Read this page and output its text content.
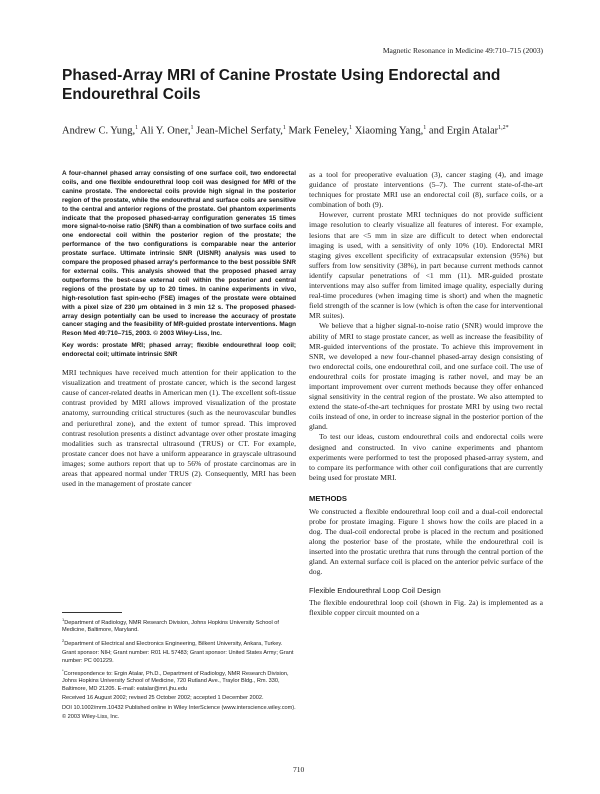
Magnetic Resonance in Medicine 49:710–715 (2003)
Phased-Array MRI of Canine Prostate Using Endorectal and Endourethral Coils
Andrew C. Yung,$^1$ Ali Y. Oner,$^1$ Jean-Michel Serfaty,$^1$ Mark Feneley,$^1$ Xiaoming Yang,$^1$ and Ergin Atalar$^{1,2*}$

A four-channel phased array consisting of one surface coil, two endorectal coils, and one flexible endourethral loop coil was designed for MRI of the canine prostate. The endorectal coils provide high signal in the posterior region of the prostate, while the endourethral and surface coils are sensitive to the central and anterior regions of the prostate. Gel phantom experiments indicate that the proposed phased-array configuration generates 15 times more signal-to-noise ratio (SNR) than a combination of two surface coils and one endorectal coil within the posterior region of the prostate; the performance of the two configurations is comparable near the anterior prostate surface. Ultimate intrinsic SNR (UISNR) analysis was used to compare the proposed phased array's performance to the best possible SNR for external coils. This analysis showed that the proposed phased array outperforms the best-case external coil within the posterior and central regions of the prostate by up to 20 times. In canine experiments in vivo, high-resolution fast spin-echo (FSE) images of the prostate were obtained with a pixel size of 230 μm obtained in 3 min 12 s. The proposed phased-array design potentially can be used to increase the accuracy of prostate cancer staging and the feasibility of MR-guided prostate interventions. Magn Reson Med 49:710–715, 2003. © 2003 Wiley-Liss, Inc.

Key words: prostate MRI; phased array; flexible endourethral loop coil; endorectal coil; ultimate intrinsic SNR

MRI techniques have received much attention for their application to the visualization and treatment of prostate cancer, which is the second largest cause of cancer-related deaths in American men (1). The excellent soft-tissue contrast provided by MRI allows improved visualization of the prostate anatomy, surrounding critical structures (such as the neurovascular bundles and periurethral zone), and the extent of tumor spread. This improved contrast resolution presents a distinct advantage over other prostate imaging modalities such as transrectal ultrasound (TRUS) or CT. For example, prostate cancer does not have a uniform appearance in grayscale ultrasound images; some authors report that up to 56% of prostate carcinomas are in areas that appeared normal under TRUS (2). Consequently, MRI has been used in the management of prostate cancer

$^1$Department of Radiology, NMR Research Division, Johns Hopkins University School of Medicine, Baltimore, Maryland.
$^2$Department of Electrical and Electronics Engineering, Bilkent University, Ankara, Turkey.
Grant sponsor: NIH; Grant number: R01 HL 57483; Grant sponsor: United States Army; Grant number: PC 001229.
*Correspondence to: Ergin Atalar, Ph.D., Department of Radiology, NMR Research Division, Johns Hopkins University School of Medicine, 720 Rutland Ave., Traylor Bldg., Rm. 330, Baltimore, MD 21205. E-mail: eatalar@mri.jhu.edu
Received 16 August 2002; revised 25 October 2002; accepted 1 December 2002.
DOI 10.1002/mrm.10432 Published online in Wiley InterScience (www.interscience.wiley.com).
© 2003 Wiley-Liss, Inc.

as a tool for preoperative evaluation (3), cancer staging (4), and image guidance of prostate interventions (5–7). The current state-of-the-art techniques for prostate MRI use an endorectal coil (8), surface coils, or a combination of both (9).

However, current prostate MRI techniques do not provide sufficient image resolution to clearly visualize all features of interest. For example, lesions that are <5 mm in size are difficult to detect when endorectal imaging is used, with a sensitivity of only 10% (10). Endorectal MRI staging gives excellent specificity of extracapsular extension (95%) but suffers from low sensitivity (38%), in part because current methods cannot identify capsular penetrations of <1 mm (11). MR-guided prostate interventions may also suffer from limited image quality, especially during real-time procedures (when imaging time is short) and when the magnetic field strength of the scanner is low (which is often the case for interventional MR suites).

We believe that a higher signal-to-noise ratio (SNR) would improve the ability of MRI to stage prostate cancer, as well as increase the feasibility of MR-guided interventions of the prostate. To achieve this improvement in SNR, we developed a new four-channel phased-array design consisting of two endorectal coils, one endourethral coil, and one surface coil. The use of endourethral coils for prostate imaging is rather novel, and may be an important improvement over current methods because they offer enhanced signal sensitivity in the central region of the prostate. We also attempted to extend the state-of-the-art techniques for prostate MRI by using two rectal coils instead of one, in order to increase signal in the posterior portion of the gland.

To test our ideas, custom endourethral coils and endorectal coils were designed and constructed. In vivo canine experiments and phantom experiments were performed to test the proposed phased-array system, and to compare its performance with other coil configurations that are currently being used for prostate MRI.

METHODS

We constructed a flexible endourethral loop coil and a dual-coil endorectal probe for prostate imaging. Figure 1 shows how the coils are placed in a dog. The dual-coil endorectal probe is placed in the rectum and positioned along the posterior base of the prostate, while the endourethral coil is inserted into the prostatic urethra that runs through the central portion of the gland. An external surface coil is placed on the anterior pelvic surface of the dog.

Flexible Endourethral Loop Coil Design

The flexible endourethral loop coil (shown in Fig. 2a) is implemented as a flexible copper circuit mounted on a

710
